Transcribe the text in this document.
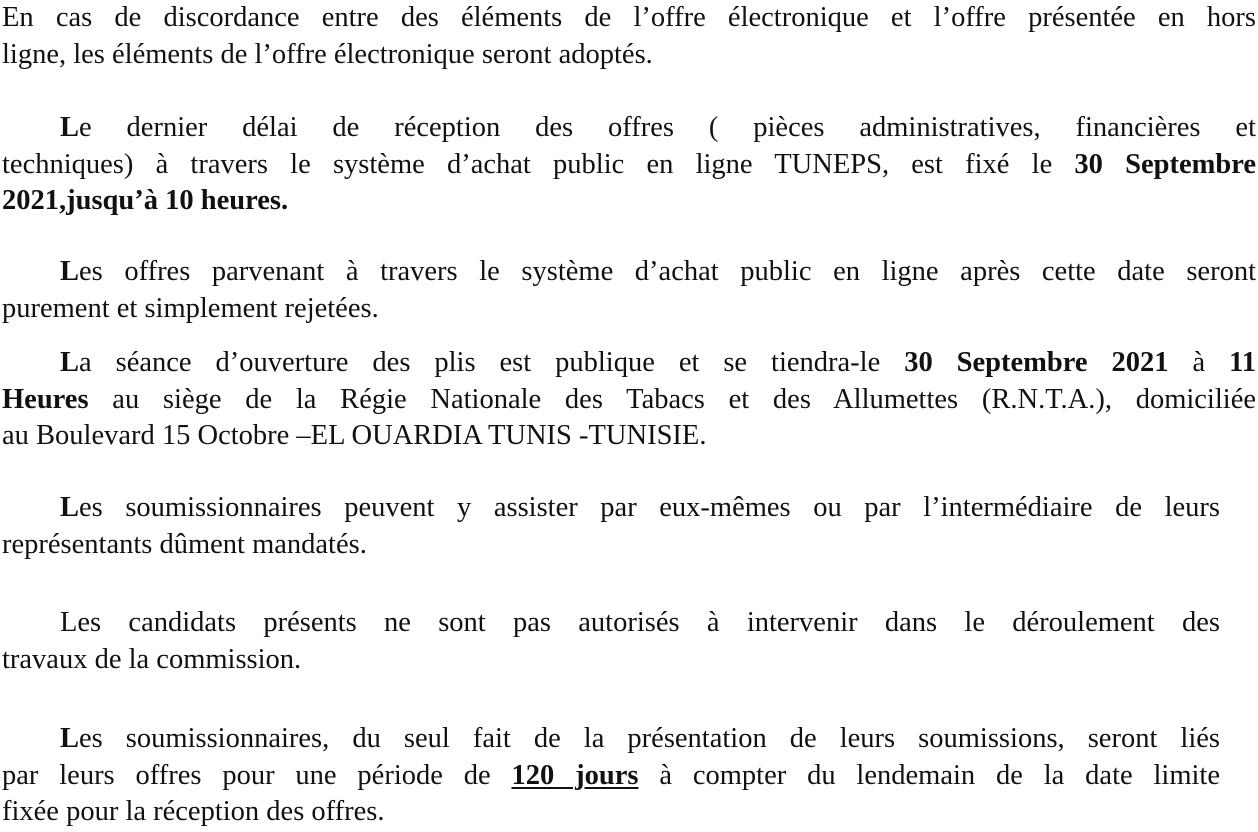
En cas de discordance entre des éléments de l’offre électronique et l’offre présentée en hors
ligne, les éléments de l’offre électronique seront adoptés.

Le dernier délai de réception des offres ( pièces administratives, financières et
techniques) à travers le système d’achat public en ligne TUNEPS, est fixé le 30 Septembre
2021,jusqu’à 10 heures.

Les offres parvenant à travers le système d’achat public en ligne après cette date seront
purement et simplement rejetées.

La séance d’ouverture des plis est publique et se tiendra-le 30 Septembre 2021 à 11
Heures au siège de la Régie Nationale des Tabacs et des Allumettes (R.N.T.A.), domiciliée
au Boulevard 15 Octobre –EL OUARDIA TUNIS -TUNISIE.

Les soumissionnaires peuvent y assister par eux-mêmes ou par l’intermédiaire de leurs
représentants dûment mandatés.

Les candidats présents ne sont pas autorisés à intervenir dans le déroulement des
travaux de la commission.

Les soumissionnaires, du seul fait de la présentation de leurs soumissions, seront liés
par leurs offres pour une période de 120 jours à compter du lendemain de la date limite
fixée pour la réception des offres.
